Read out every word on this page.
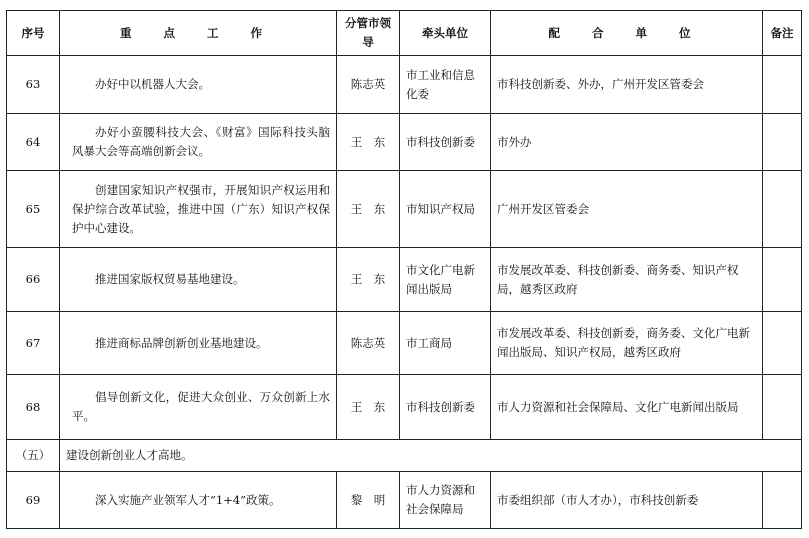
序号	重 点 工 作	分管市领导	牵头单位	配 合 单 位	备注
63	办好中以机器人大会。	陈志英	市工业和信息化委	市科技创新委、外办，广州开发区管委会	
64	办好小蛮腰科技大会、《财富》国际科技头脑风暴大会等高端创新会议。	王　东	市科技创新委	市外办	
65	创建国家知识产权强市，开展知识产权运用和保护综合改革试验，推进中国（广东）知识产权保护中心建设。	王　东	市知识产权局	广州开发区管委会	
66	推进国家版权贸易基地建设。	王　东	市文化广电新闻出版局	市发展改革委、科技创新委、商务委、知识产权局，越秀区政府	
67	推进商标品牌创新创业基地建设。	陈志英	市工商局	市发展改革委、科技创新委，商务委、文化广电新闻出版局、知识产权局，越秀区政府	
68	倡导创新文化，促进大众创业、万众创新上水平。	王　东	市科技创新委	市人力资源和社会保障局、文化广电新闻出版局	
（五）	建设创新创业人才高地。				
69	深入实施产业领军人才“1+4”政策。	黎　明	市人力资源和社会保障局	市委组织部（市人才办），市科技创新委	
